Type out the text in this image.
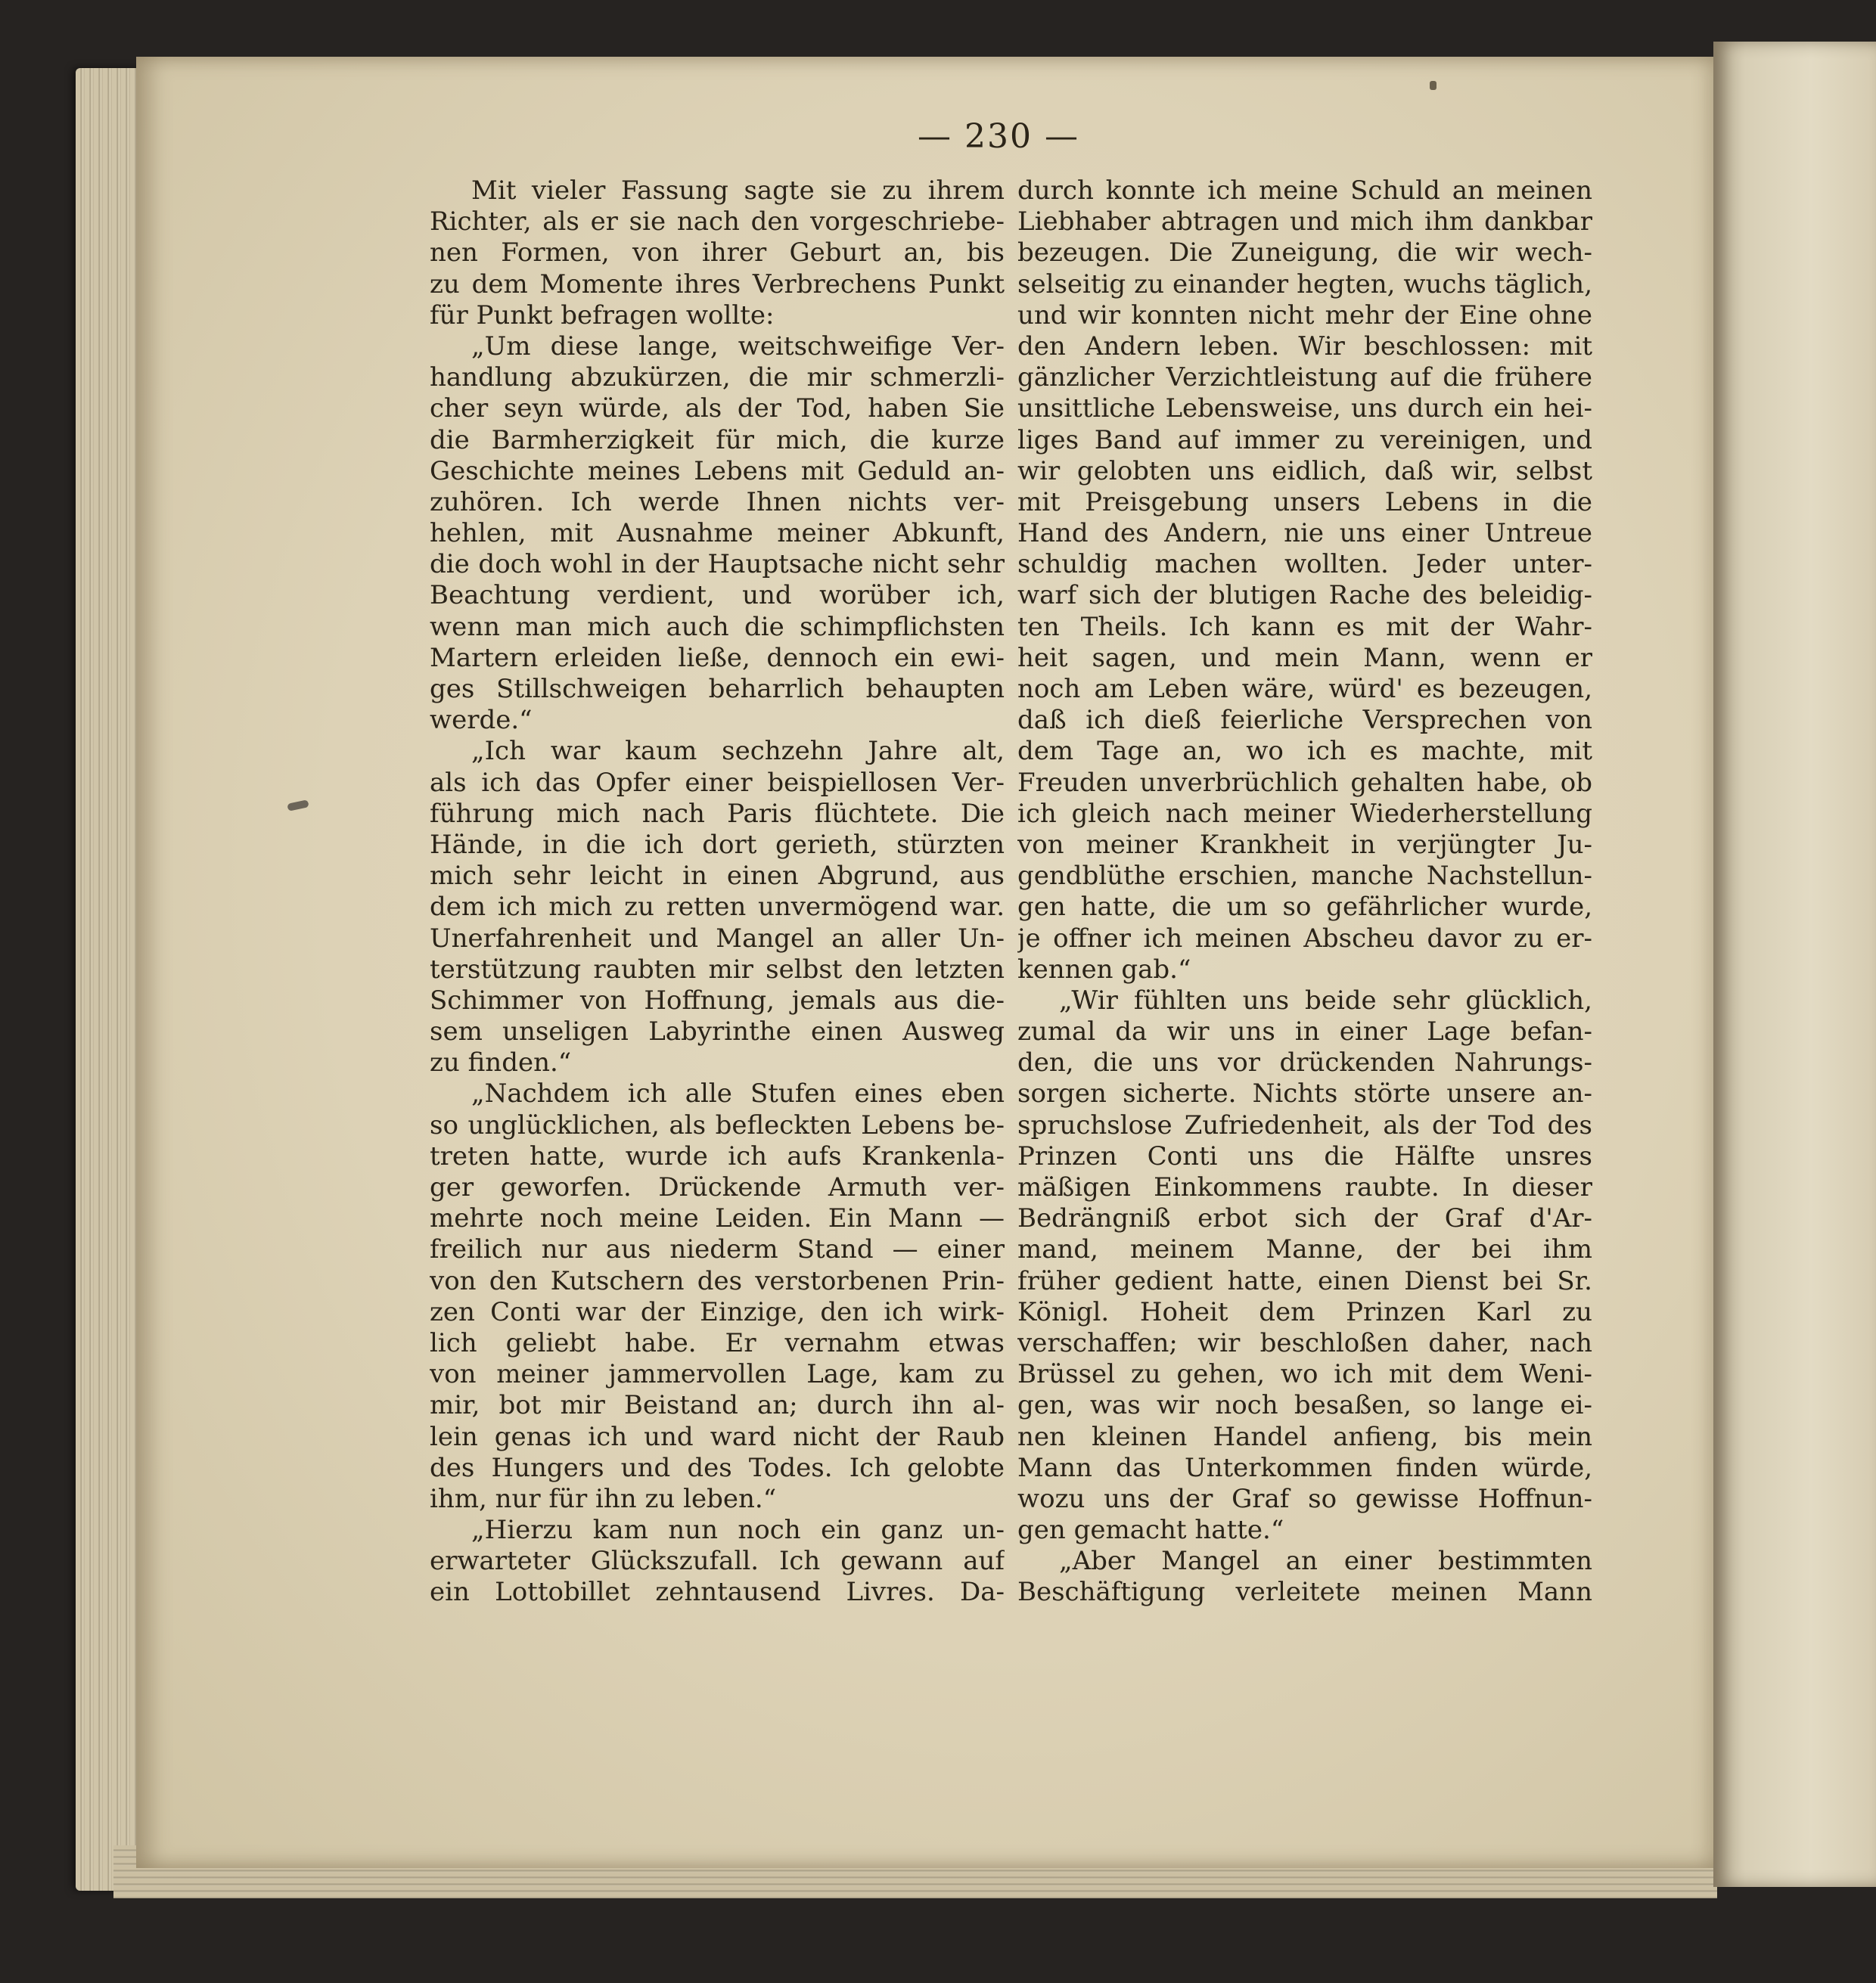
— 230 —
Mit vieler Fassung sagte sie zu ihrem
Richter, als er sie nach den vorgeschriebe-
nen Formen, von ihrer Geburt an, bis
zu dem Momente ihres Verbrechens Punkt
für Punkt befragen wollte:
„Um diese lange, weitschweifige Ver-
handlung abzukürzen, die mir schmerzli-
cher seyn würde, als der Tod, haben Sie
die Barmherzigkeit für mich, die kurze
Geschichte meines Lebens mit Geduld an-
zuhören. Ich werde Ihnen nichts ver-
hehlen, mit Ausnahme meiner Abkunft,
die doch wohl in der Hauptsache nicht sehr
Beachtung verdient, und worüber ich,
wenn man mich auch die schimpflichsten
Martern erleiden ließe, dennoch ein ewi-
ges Stillschweigen beharrlich behaupten
werde.“
„Ich war kaum sechzehn Jahre alt,
als ich das Opfer einer beispiellosen Ver-
führung mich nach Paris flüchtete. Die
Hände, in die ich dort gerieth, stürzten
mich sehr leicht in einen Abgrund, aus
dem ich mich zu retten unvermögend war.
Unerfahrenheit und Mangel an aller Un-
terstützung raubten mir selbst den letzten
Schimmer von Hoffnung, jemals aus die-
sem unseligen Labyrinthe einen Ausweg
zu finden.“
„Nachdem ich alle Stufen eines eben
so unglücklichen, als befleckten Lebens be-
treten hatte, wurde ich aufs Krankenla-
ger geworfen. Drückende Armuth ver-
mehrte noch meine Leiden. Ein Mann —
freilich nur aus niederm Stand — einer
von den Kutschern des verstorbenen Prin-
zen Conti war der Einzige, den ich wirk-
lich geliebt habe. Er vernahm etwas
von meiner jammervollen Lage, kam zu
mir, bot mir Beistand an; durch ihn al-
lein genas ich und ward nicht der Raub
des Hungers und des Todes. Ich gelobte
ihm, nur für ihn zu leben.“
„Hierzu kam nun noch ein ganz un-
erwarteter Glückszufall. Ich gewann auf
ein Lottobillet zehntausend Livres. Da-
durch konnte ich meine Schuld an meinen
Liebhaber abtragen und mich ihm dankbar
bezeugen. Die Zuneigung, die wir wech-
selseitig zu einander hegten, wuchs täglich,
und wir konnten nicht mehr der Eine ohne
den Andern leben. Wir beschlossen: mit
gänzlicher Verzichtleistung auf die frühere
unsittliche Lebensweise, uns durch ein hei-
liges Band auf immer zu vereinigen, und
wir gelobten uns eidlich, daß wir, selbst
mit Preisgebung unsers Lebens in die
Hand des Andern, nie uns einer Untreue
schuldig machen wollten. Jeder unter-
warf sich der blutigen Rache des beleidig-
ten Theils. Ich kann es mit der Wahr-
heit sagen, und mein Mann, wenn er
noch am Leben wäre, würd' es bezeugen,
daß ich dieß feierliche Versprechen von
dem Tage an, wo ich es machte, mit
Freuden unverbrüchlich gehalten habe, ob
ich gleich nach meiner Wiederherstellung
von meiner Krankheit in verjüngter Ju-
gendblüthe erschien, manche Nachstellun-
gen hatte, die um so gefährlicher wurde,
je offner ich meinen Abscheu davor zu er-
kennen gab.“
„Wir fühlten uns beide sehr glücklich,
zumal da wir uns in einer Lage befan-
den, die uns vor drückenden Nahrungs-
sorgen sicherte. Nichts störte unsere an-
spruchslose Zufriedenheit, als der Tod des
Prinzen Conti uns die Hälfte unsres
mäßigen Einkommens raubte. In dieser
Bedrängniß erbot sich der Graf d'Ar-
mand, meinem Manne, der bei ihm
früher gedient hatte, einen Dienst bei Sr.
Königl. Hoheit dem Prinzen Karl zu
verschaffen; wir beschloßen daher, nach
Brüssel zu gehen, wo ich mit dem Weni-
gen, was wir noch besaßen, so lange ei-
nen kleinen Handel anfieng, bis mein
Mann das Unterkommen finden würde,
wozu uns der Graf so gewisse Hoffnun-
gen gemacht hatte.“
„Aber Mangel an einer bestimmten
Beschäftigung verleitete meinen Mann
